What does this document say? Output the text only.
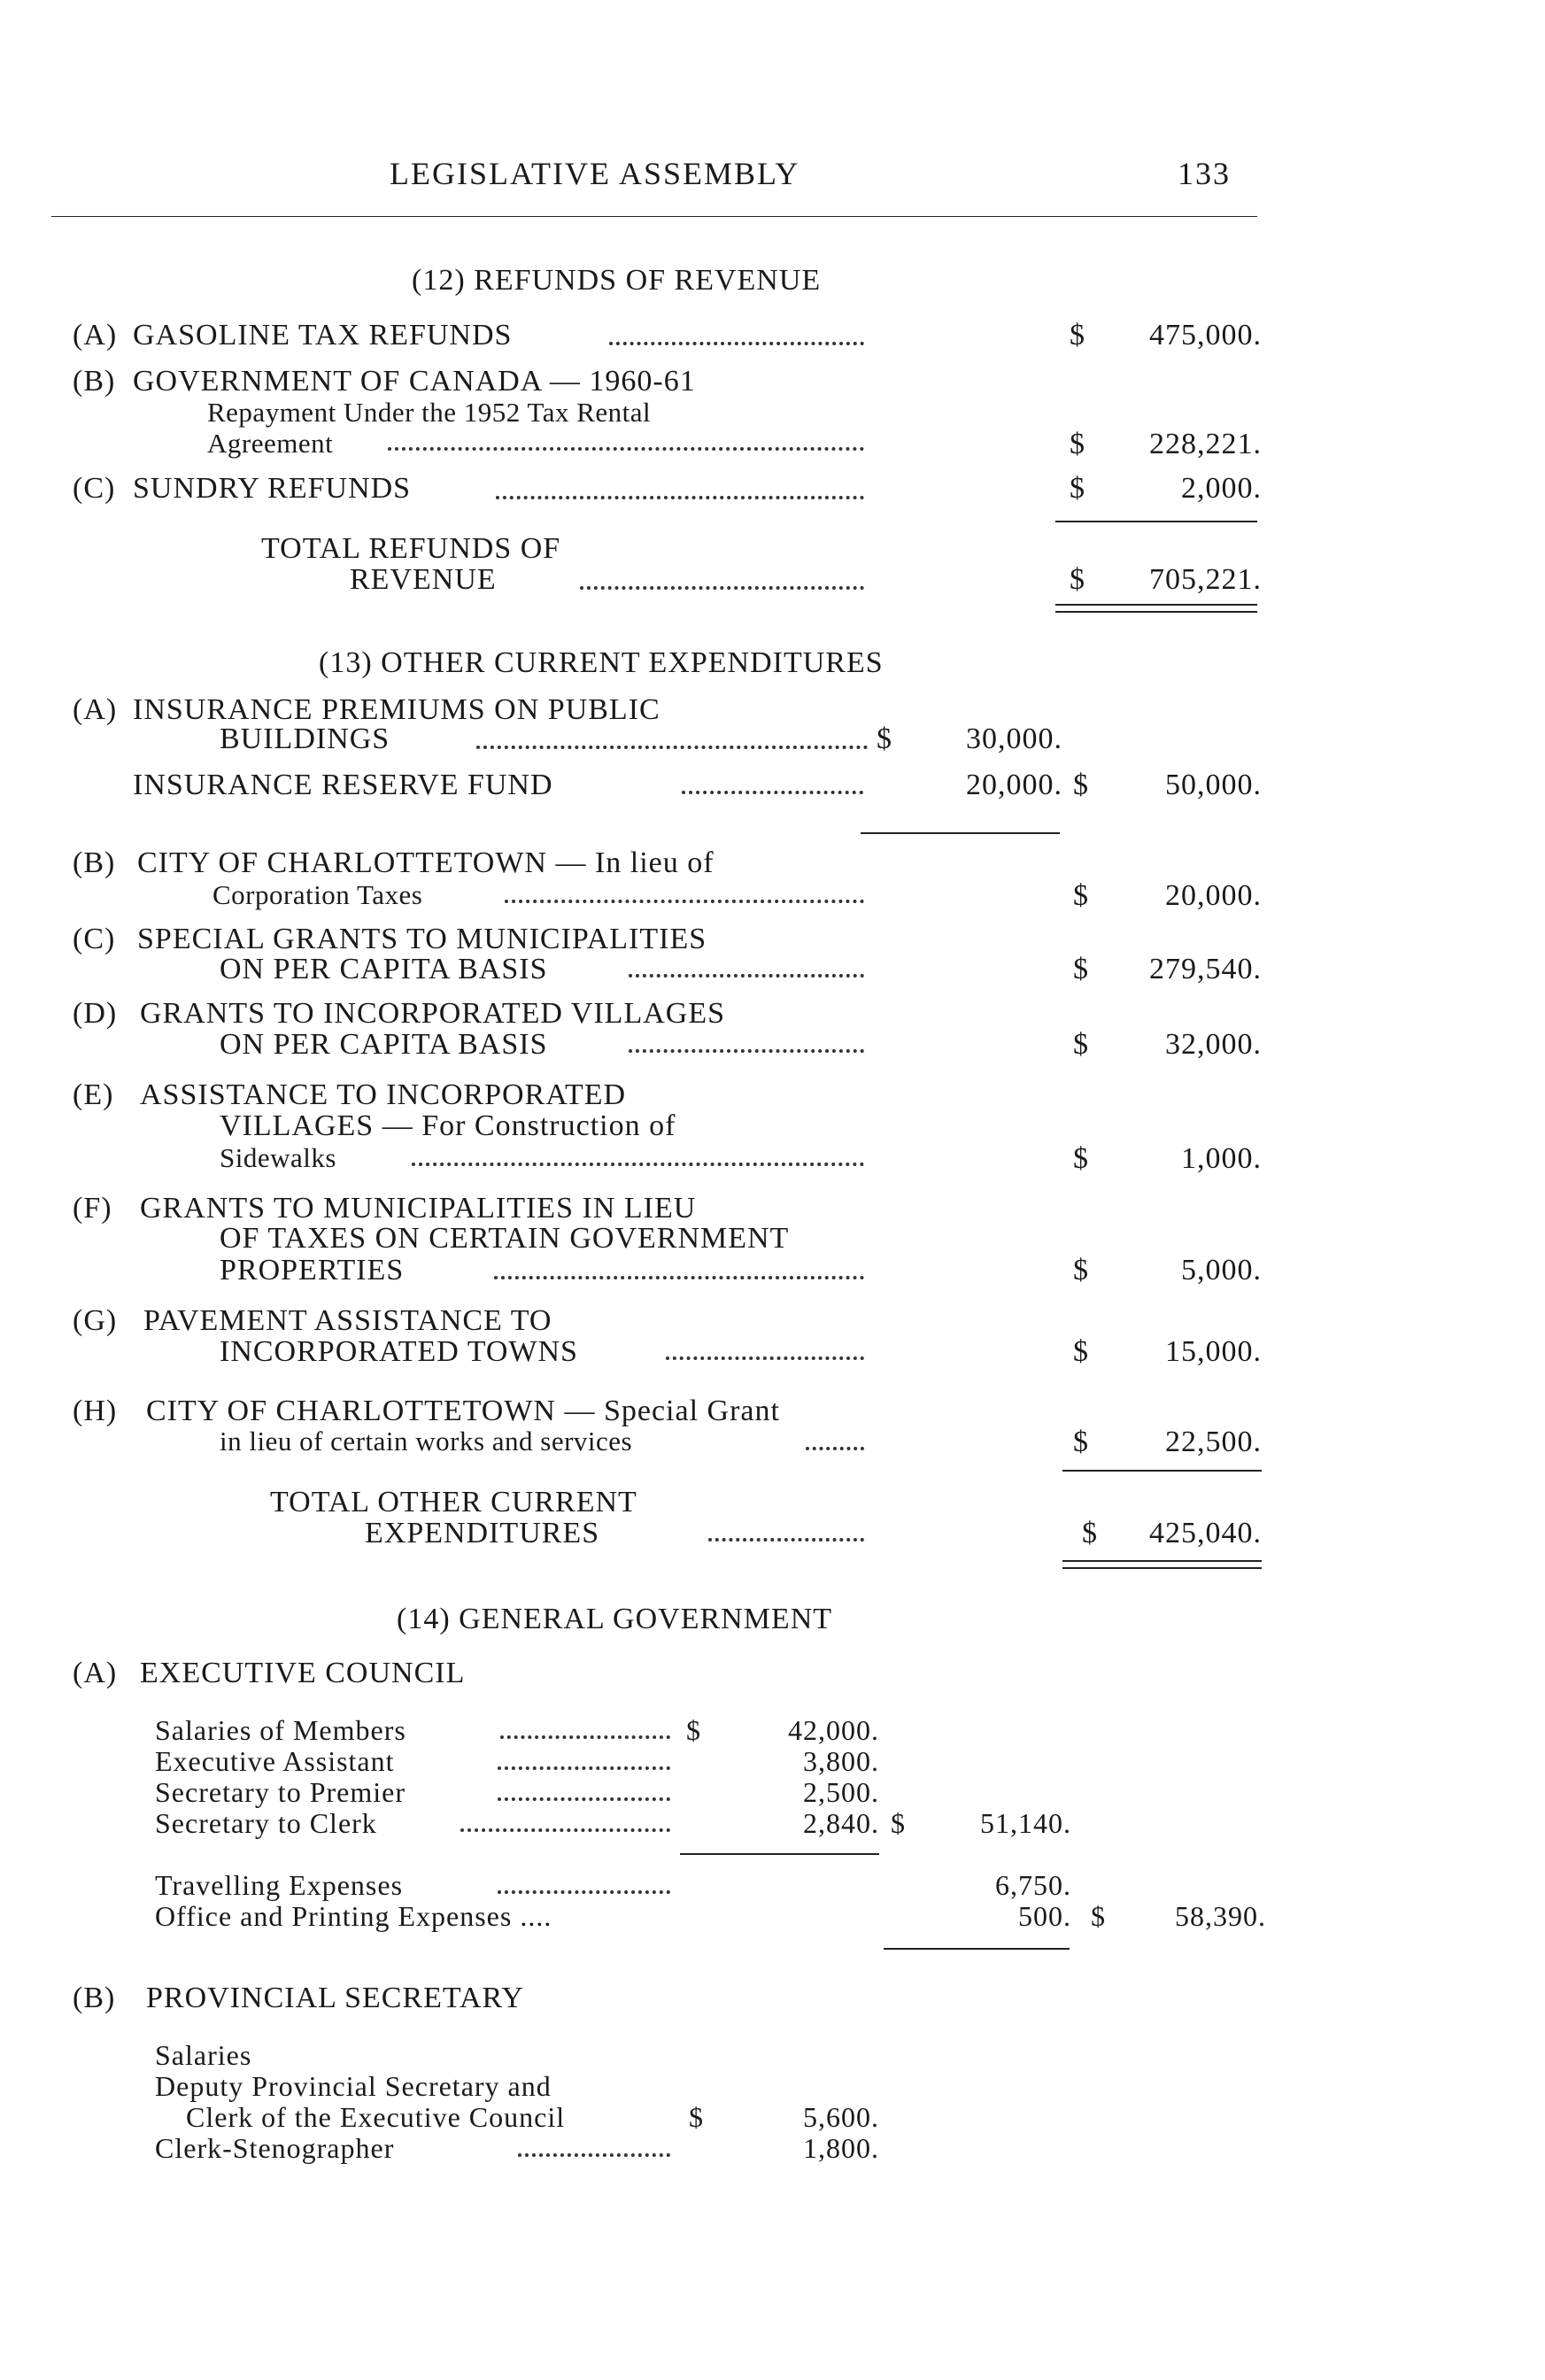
LEGISLATIVE ASSEMBLY	133
(12) REFUNDS OF REVENUE
(A) GASOLINE TAX REFUNDS	$ 475,000.
(B) GOVERNMENT OF CANADA — 1960-61
Repayment Under the 1952 Tax Rental
Agreement	$ 228,221.
(C) SUNDRY REFUNDS	$	2,000.
TOTAL REFUNDS OF
REVENUE	$ 705,221.
(13) OTHER CURRENT EXPENDITURES
(A) INSURANCE PREMIUMS ON PUBLIC
BUILDINGS	$ 30,000.
INSURANCE RESERVE FUND	20,000. $	50,000.
(B) CITY OF CHARLOTTETOWN — In lieu of
Corporation Taxes	$	20,000.
(C) SPECIAL GRANTS TO MUNICIPALITIES
ON PER CAPITA BASIS	$ 279,540.
(D) GRANTS TO INCORPORATED VILLAGES
ON PER CAPITA BASIS	$	32,000.
(E) ASSISTANCE TO INCORPORATED
VILLAGES — For Construction of
Sidewalks	$	1,000.
(F) GRANTS TO MUNICIPALITIES IN LIEU
OF TAXES ON CERTAIN GOVERNMENT
PROPERTIES	$	5,000.
(G) PAVEMENT ASSISTANCE TO
INCORPORATED TOWNS	$	15,000.
(H) CITY OF CHARLOTTETOWN — Special Grant
in lieu of certain works and services	$	22,500.
TOTAL OTHER CURRENT
EXPENDITURES	$ 425,040.
(14) GENERAL GOVERNMENT
(A) EXECUTIVE COUNCIL
Salaries of Members	$	42,000.
Executive Assistant	3,800.
Secretary to Premier	2,500.
Secretary to Clerk	2,840. $	51,140.
Travelling Expenses	6,750.
Office and Printing Expenses ....	500. $ 58,390.
(B) PROVINCIAL SECRETARY
Salaries
Deputy Provincial Secretary and
Clerk of the Executive Council	$	5,600.
Clerk-Stenographer	1,800.
